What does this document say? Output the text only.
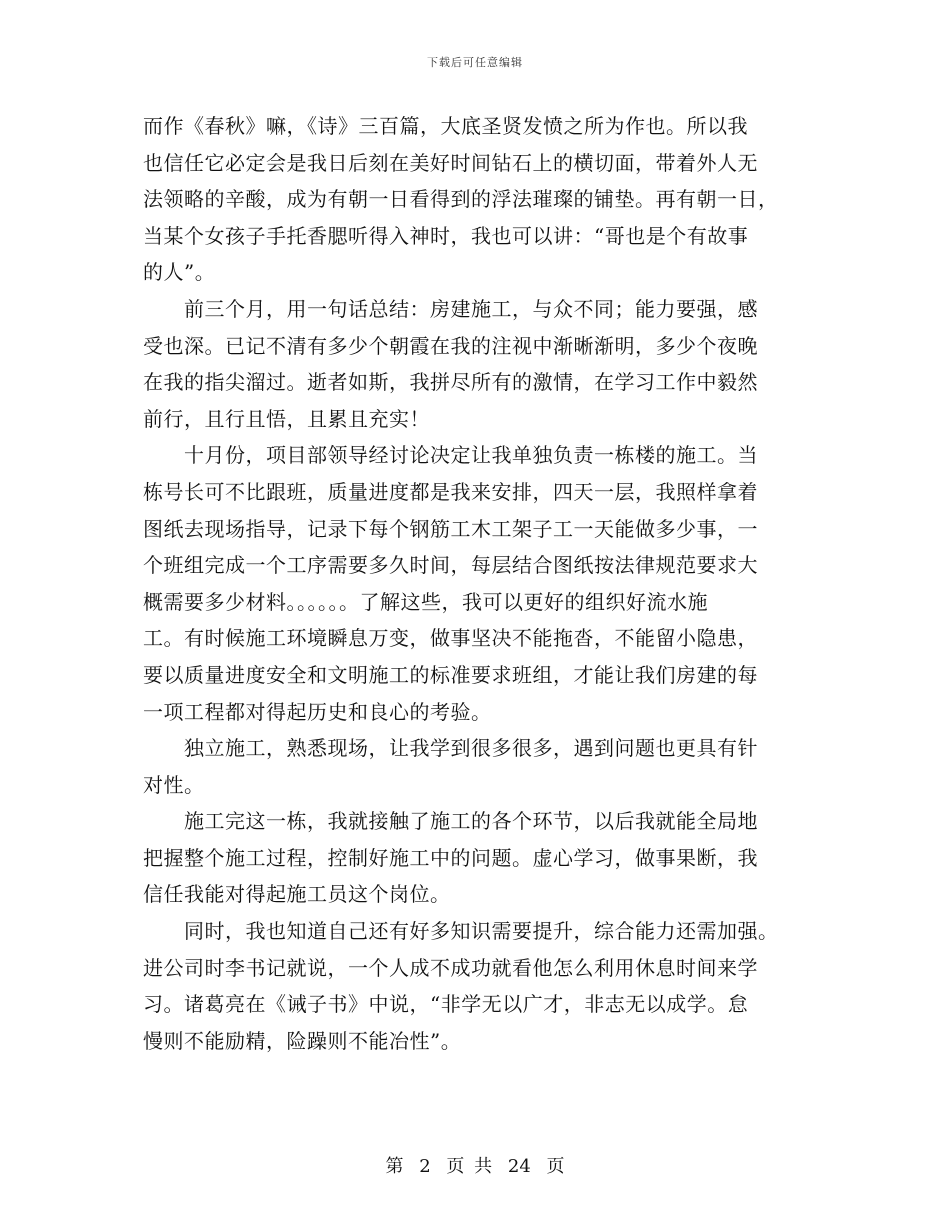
下载后可任意编辑
而作《春秋》嘛，《诗》三百篇，大底圣贤发愤之所为作也。所以我
也信任它必定会是我日后刻在美好时间钻石上的横切面，带着外人无
法领略的辛酸，成为有朝一日看得到的浮法璀璨的铺垫。再有朝一日，
当某个女孩子手托香腮听得入神时，我也可以讲：“哥也是个有故事
的人”。
　　前三个月，用一句话总结：房建施工，与众不同；能力要强，感
受也深。已记不清有多少个朝霞在我的注视中渐晰渐明，多少个夜晚
在我的指尖溜过。逝者如斯，我拼尽所有的激情，在学习工作中毅然
前行，且行且悟，且累且充实！
　　十月份，项目部领导经讨论决定让我单独负责一栋楼的施工。当
栋号长可不比跟班，质量进度都是我来安排，四天一层，我照样拿着
图纸去现场指导，记录下每个钢筋工木工架子工一天能做多少事，一
个班组完成一个工序需要多久时间，每层结合图纸按法律规范要求大
概需要多少材料。。。。。。了解这些，我可以更好的组织好流水施
工。有时候施工环境瞬息万变，做事坚决不能拖沓，不能留小隐患，
要以质量进度安全和文明施工的标准要求班组，才能让我们房建的每
一项工程都对得起历史和良心的考验。
　　独立施工，熟悉现场，让我学到很多很多，遇到问题也更具有针
对性。
　　施工完这一栋，我就接触了施工的各个环节，以后我就能全局地
把握整个施工过程，控制好施工中的问题。虚心学习，做事果断，我
信任我能对得起施工员这个岗位。
　　同时，我也知道自己还有好多知识需要提升，综合能力还需加强。
进公司时李书记就说，一个人成不成功就看他怎么利用休息时间来学
习。诸葛亮在《诫子书》中说，“非学无以广才，非志无以成学。怠
慢则不能励精，险躁则不能冶性”。
第 2 页 共 24 页
